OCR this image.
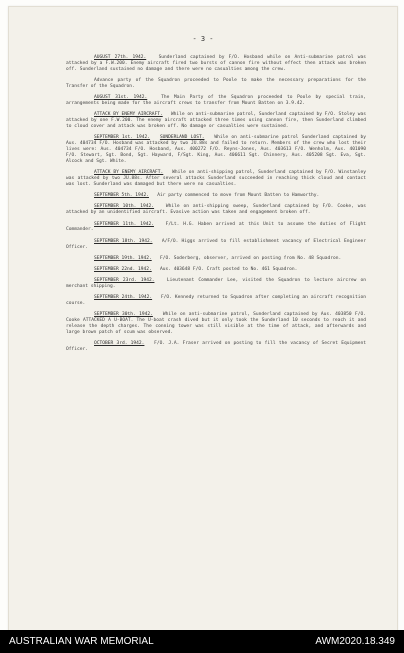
- 3 -

AUGUST 27th. 1942.	Sunderland captained by F/O. Hosband while on Anti-submarine patrol was attacked by a F.W.200. Enemy aircraft fired two bursts of cannon fire without effect then attack was broken off. Sunderland sustained no damage and there were no casualties among the crew.

Advance party of the Squadron proceeded to Poole to make the necessary preparations for the Transfer of the Squadron.

AUGUST 31st. 1942.	The Main Party of the Squadron proceeded to Poole by special train, arrangements being made for the aircraft crews to transfer from Mount Batten on 3.9.42.

ATTACK BY ENEMY AIRCRAFT. While on anti-submarine patrol, Sunderland captained by F/O. Stoley was attacked by one F.W.200. The enemy aircraft attacked three times using cannon fire, then Sunderland climbed to cloud cover and attack was broken off. No damage or casualties were sustained.

SEPTEMBER 1st. 1942. SUNDERLAND LOST. While on anti-submarine patrol Sunderland captained by Aus. 404734 F/O. Hosband was attacked by two JU.88s and failed to return. Members of the crew who lost their lives were: Aus. 404734 F/O. Hosband, Aus. 400272 F/O. Reyns-Jones, Aus. 403613 F/O. Wenholm, Aus. 401090 F/O. Stewart, Sgt. Bond, Sgt. Hayward, F/Sgt. King, Aus. 406611 Sgt. Chinnery, Aus. 405208 Sgt. Eva, Sgt. Alcock and Sgt. White.

ATTACK BY ENEMY AIRCRAFT. While on anti-shipping patrol, Sunderland captained by F/O. Winstanley was attacked by two JU.88s. After several attacks Sunderland succeeded in reaching thick cloud and contact was lost. Sunderland was damaged but there were no casualties.

SEPTEMBER 5th. 1942. Air party commenced to move from Mount Batten to Hamworthy.

SEPTEMBER 10th. 1942.	While on anti-shipping sweep, Sunderland captained by F/O. Cooke, was attacked by an unidentified aircraft. Evasive action was taken and engagement broken off.

SEPTEMBER 11th. 1942.	F/Lt. H.G. Haben arrived at this Unit to assume the duties of Flight Commander.

SEPTEMBER 18th. 1942. A/F/O. Higgs arrived to fill establishment vacancy of Electrical Engineer Officer.

SEPTEMBER 19th. 1942. F/O. Soderberg, observer, arrived on posting from No. 48 Squadron.

SEPTEMBER 22nd. 1942. Aus. 403648 F/O. Craft posted to No. 461 Squadron.

SEPTEMBER 23rd. 1942.	Lieutenant Commander Lee, visited the Squadron to lecture aircrew on merchant shipping.

SEPTEMBER 24th. 1942. F/O. Kennedy returned to Squadron after completing an aircraft recognition course.

SEPTEMBER 30th. 1942. While on anti-submarine patrol, Sunderland captained by Aus. 403850 F/O. Cooke ATTACKED A U-BOAT. The U-boat crash dived but it only took the Sunderland 10 seconds to reach it and release the depth charges. The conning tower was still visible at the time of attack, and afterwards and large brown patch of scum was observed.

OCTOBER 3rd. 1942. F/O. J.A. Fraser arrived on posting to fill the vacancy of Secret Equipment Officer.

AUSTRALIAN WAR MEMORIAL	AWM2020.18.349
